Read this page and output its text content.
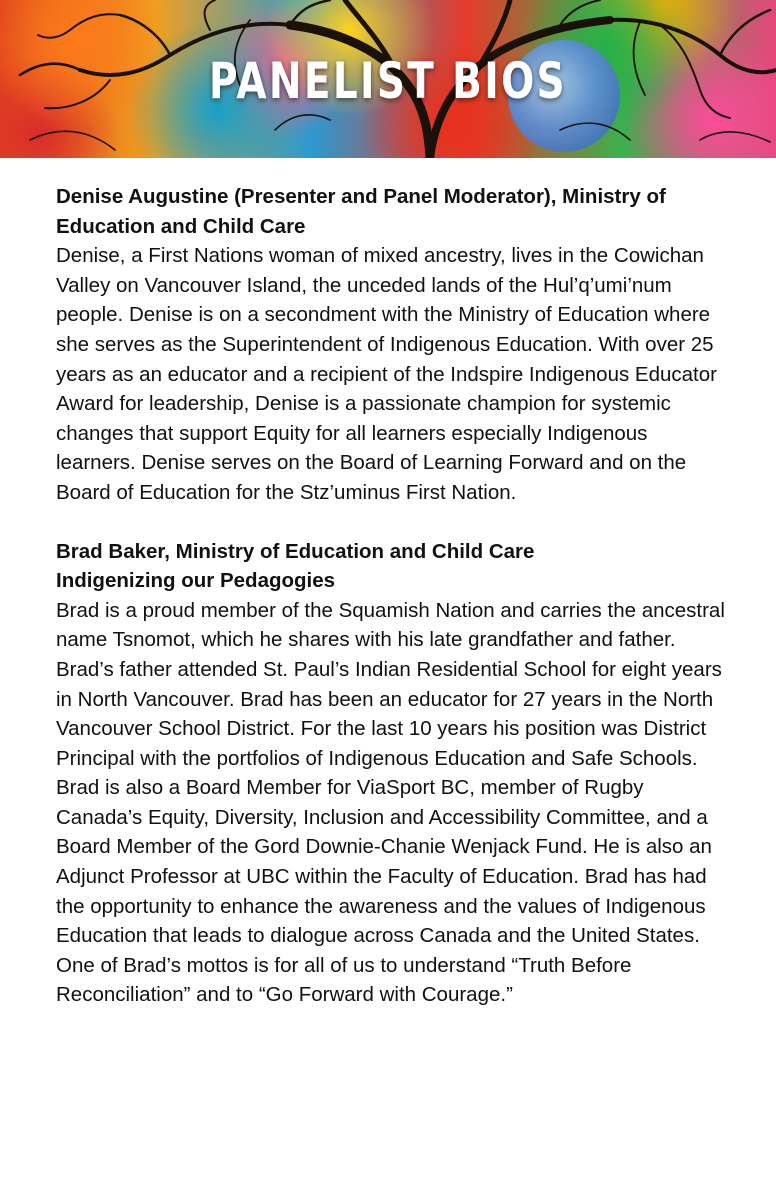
PANELIST BIOS
Denise Augustine (Presenter and Panel Moderator), Ministry of Education and Child Care

Denise, a First Nations woman of mixed ancestry, lives in the Cowichan Valley on Vancouver Island, the unceded lands of the Hul’q’umi’num people. Denise is on a secondment with the Ministry of Education where she serves as the Superintendent of Indigenous Education. With over 25 years as an educator and a recipient of the Indspire Indigenous Educator Award for leadership, Denise is a passionate champion for systemic changes that support Equity for all learners especially Indigenous learners. Denise serves on the Board of Learning Forward and on the Board of Education for the Stz’uminus First Nation.

Brad Baker, Ministry of Education and Child Care
Indigenizing our Pedagogies

Brad is a proud member of the Squamish Nation and carries the ancestral name Tsnomot, which he shares with his late grandfather and father. Brad’s father attended St. Paul’s Indian Residential School for eight years in North Vancouver. Brad has been an educator for 27 years in the North Vancouver School District. For the last 10 years his position was District Principal with the portfolios of Indigenous Education and Safe Schools. Brad is also a Board Member for ViaSport BC, member of Rugby Canada’s Equity, Diversity, Inclusion and Accessibility Committee, and a Board Member of the Gord Downie-Chanie Wenjack Fund. He is also an Adjunct Professor at UBC within the Faculty of Education. Brad has had the opportunity to enhance the awareness and the values of Indigenous Education that leads to dialogue across Canada and the United States. One of Brad’s mottos is for all of us to understand “Truth Before Reconciliation” and to “Go Forward with Courage.”
